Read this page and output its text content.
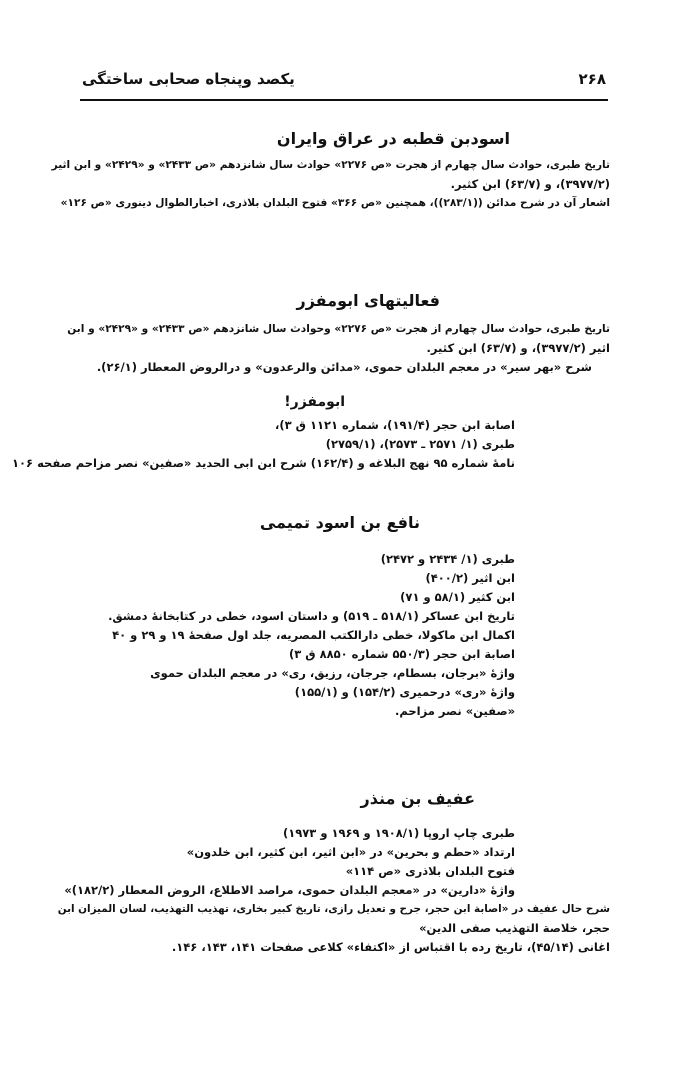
۲۶۸
یکصد وپنجاه صحابی ساختگی
اسودبن قطبه در عراق وایران
تاریخ طبری، حوادث سال چهارم از هجرت «ص ۲۲۷۶» حوادث سال شانزدهم «ص ۲۴۳۳» و «۲۴۲۹» و ابن اثیر
(۳۹۷۷/۲)، و (۶۳/۷) ابن کثیر.
اشعار آن در شرح مدائن ((۲۸۳/۱))، همچنین «ص ۳۶۶» فتوح البلدان بلاذری، اخبارالطوال دینوری «ص ۱۲۶»
فعالیتهای ابومفزر
تاریخ طبری، حوادث سال چهارم از هجرت «ص ۲۲۷۶» وحوادث سال شانزدهم «ص ۲۴۳۳» و «۲۴۲۹» و ابن
اثیر (۳۹۷۷/۲)، و (۶۳/۷) ابن کثیر.
شرح «بهر سیر» در معجم البلدان حموی، «مدائن والرعدون» و درالروض المعطار (۲۶/۱).
ابومفزر!
اصابة ابن حجر (۱۹۱/۴)، شماره ۱۱۲۱ ق ۳)،
طبری (۱/ ۲۵۷۱ ـ ۲۵۷۳)، (۲۷۵۹/۱)
نامهٔ شماره ۹۵ نهج البلاغه و (۱۶۲/۴) شرح ابن ابی الحدید «صفین» نصر مزاحم صفحه ۱۰۶
نافع بن اسود تمیمی
طبری (۱/ ۲۴۳۴ و ۲۴۷۲)
ابن اثیر (۴۰۰/۲)
ابن کثیر (۵۸/۱ و ۷۱)
تاریخ ابن عساکر (۵۱۸/۱ ـ ۵۱۹) و داستان اسود، خطی در کتابخانهٔ دمشق.
اکمال ابن ماکولا، خطی دارالکتب المصریه، جلد اول صفحهٔ ۱۹ و ۲۹ و ۴۰
اصابة ابن حجر (۵۵۰/۳ شماره ۸۸۵۰ ق ۳)
واژهٔ «برجان، بسطام، جرجان، رزیق، ری» در معجم البلدان حموی
واژهٔ «ری» درحمیری (۱۵۴/۲) و (۱۵۵/۱)
«صفین» نصر مزاحم.
عفیف بن منذر
طبری چاپ اروپا (۱۹۰۸/۱ و ۱۹۶۹ و ۱۹۷۳)
ارتداد «حطم و بحرین» در «ابن اثیر، ابن کثیر، ابن خلدون»
فتوح البلدان بلاذری «ص ۱۱۴»
واژهٔ «دارین» در «معجم البلدان حموی، مراصد الاطلاع، الروض المعطار (۱۸۲/۲)»
شرح حال عفیف در «اصابة ابن حجر، جرح و تعدیل رازی، تاریخ کبیر بخاری، تهذیب التهذیب، لسان المیزان ابن
حجر، خلاصة التهذیب صفی الدین»
اغانی (۴۵/۱۴)، تاریخ رده با اقتباس از «اکتفاء» کلاعی صفحات ۱۴۱، ۱۴۳، ۱۴۶.
